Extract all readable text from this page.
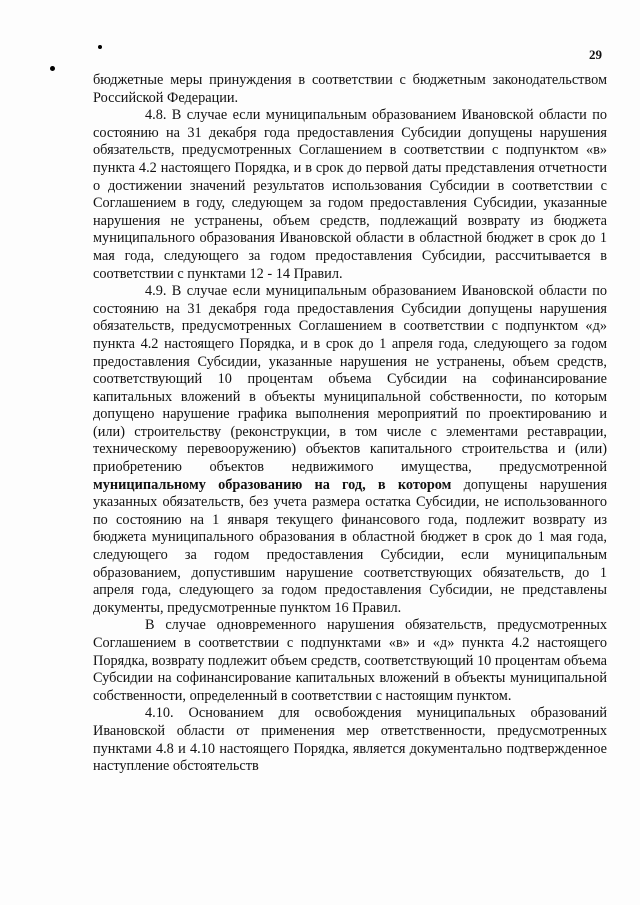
29

бюджетные меры принуждения в соответствии с бюджетным законодательством Российской Федерации.

4.8. В случае если муниципальным образованием Ивановской области по состоянию на 31 декабря года предоставления Субсидии допущены нарушения обязательств, предусмотренных Соглашением в соответствии с подпунктом «в» пункта 4.2 настоящего Порядка, и в срок до первой даты представления отчетности о достижении значений результатов использования Субсидии в соответствии с Соглашением в году, следующем за годом предоставления Субсидии, указанные нарушения не устранены, объем средств, подлежащий возврату из бюджета муниципального образования Ивановской области в областной бюджет в срок до 1 мая года, следующего за годом предоставления Субсидии, рассчитывается в соответствии с пунктами 12 - 14 Правил.

4.9. В случае если муниципальным образованием Ивановской области по состоянию на 31 декабря года предоставления Субсидии допущены нарушения обязательств, предусмотренных Соглашением в соответствии с подпунктом «д» пункта 4.2 настоящего Порядка, и в срок до 1 апреля года, следующего за годом предоставления Субсидии, указанные нарушения не устранены, объем средств, соответствующий 10 процентам объема Субсидии на софинансирование капитальных вложений в объекты муниципальной собственности, по которым допущено нарушение графика выполнения мероприятий по проектированию и (или) строительству (реконструкции, в том числе с элементами реставрации, техническому перевооружению) объектов капитального строительства и (или) приобретению объектов недвижимого имущества, предусмотренной муниципальному образованию на год, в котором допущены нарушения указанных обязательств, без учета размера остатка Субсидии, не использованного по состоянию на 1 января текущего финансового года, подлежит возврату из бюджета муниципального образования в областной бюджет в срок до 1 мая года, следующего за годом предоставления Субсидии, если муниципальным образованием, допустившим нарушение соответствующих обязательств, до 1 апреля года, следующего за годом предоставления Субсидии, не представлены документы, предусмотренные пунктом 16 Правил.

В случае одновременного нарушения обязательств, предусмотренных Соглашением в соответствии с подпунктами «в» и «д» пункта 4.2 настоящего Порядка, возврату подлежит объем средств, соответствующий 10 процентам объема Субсидии на софинансирование капитальных вложений в объекты муниципальной собственности, определенный в соответствии с настоящим пунктом.

4.10. Основанием для освобождения муниципальных образований Ивановской области от применения мер ответственности, предусмотренных пунктами 4.8 и 4.10 настоящего Порядка, является документально подтвержденное наступление обстоятельств
